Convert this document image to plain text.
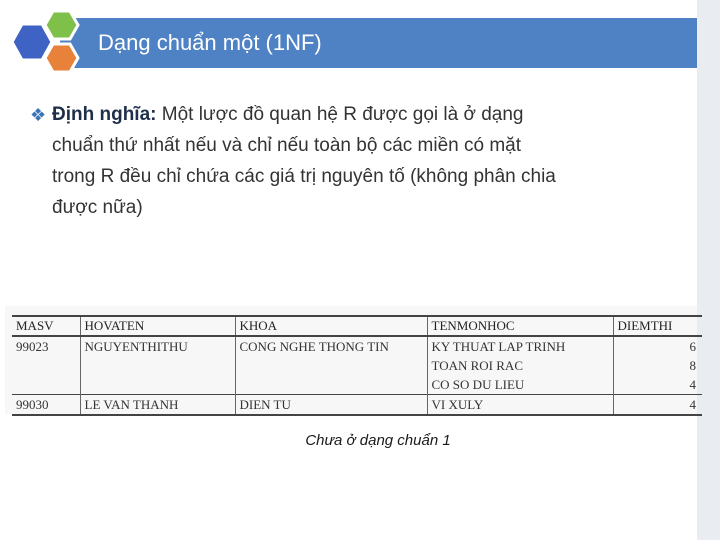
Dạng chuẩn một (1NF)
❖ Định nghĩa: Một lược đồ quan hệ R được gọi là ở dạng
chuẩn thứ nhất nếu và chỉ nếu toàn bộ các miền có mặt
trong R đều chỉ chứa các giá trị nguyên tố (không phân chia
được nữa)
MASV	HOVATEN	KHOA	TENMONHOC	DIEMTHI
99023	NGUYENTHITHU	CONG NGHE THONG TIN	KY THUAT LAP TRINH	6
			TOAN ROI RAC	8
			CO SO DU LIEU	4
99030	LE VAN THANH	DIEN TU	VI XULY	4
Chưa ở dạng chuẩn 1
